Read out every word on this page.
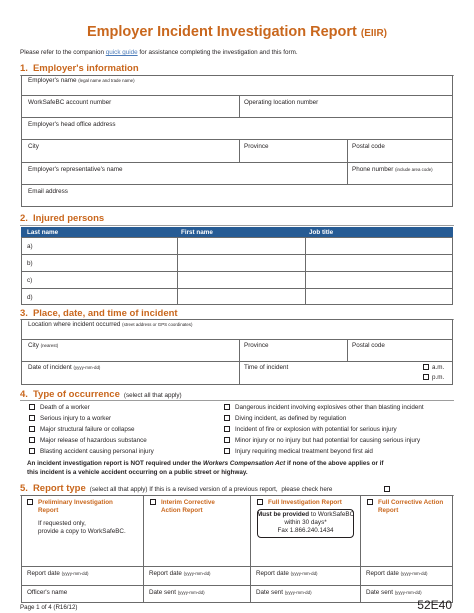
Employer Incident Investigation Report (EIIR)
Please refer to the companion quick guide for assistance completing the investigation and this form.
1. Employer's information
Employer's name (legal name and trade name)
WorkSafeBC account number	Operating location number
Employer's head office address
City	Province	Postal code
Employer's representative's name	Phone number (include area code)
Email address
2. Injured persons
Last name	First name	Job title
a)
b)
c)
d)
3. Place, date, and time of incident
Location where incident occurred (street address or GPS coordinates)
City (nearest)	Province	Postal code
Date of incident (yyyy-mm-dd)	Time of incident	a.m.
p.m.
4. Type of occurrence (select all that apply)
Death of a worker
Serious injury to a worker
Major structural failure or collapse
Major release of hazardous substance
Blasting accident causing personal injury
Dangerous incident involving explosives other than blasting incident
Diving incident, as defined by regulation
Incident of fire or explosion with potential for serious injury
Minor injury or no injury but had potential for causing serious injury
Injury requiring medical treatment beyond first aid
An incident investigation report is NOT required under the Workers Compensation Act if none of the above applies or if
this incident is a vehicle accident occurring on a public street or highway.
5. Report type (select all that apply) If this is a revised version of a previous report, please check here
Preliminary Investigation
Report
If requested only,
provide a copy to WorkSafeBC.
Interim Corrective
Action Report
Full Investigation Report
Must be provided to WorkSafeBC
within 30 days*
Fax 1.866.240.1434
Full Corrective Action
Report
Report date (yyyy-mm-dd)	Report date (yyyy-mm-dd)	Report date (yyyy-mm-dd)	Report date (yyyy-mm-dd)
Officer's name	Date sent (yyyy-mm-dd)	Date sent (yyyy-mm-dd)	Date sent (yyyy-mm-dd)
Page 1 of 4 (R16/12)	52E40
